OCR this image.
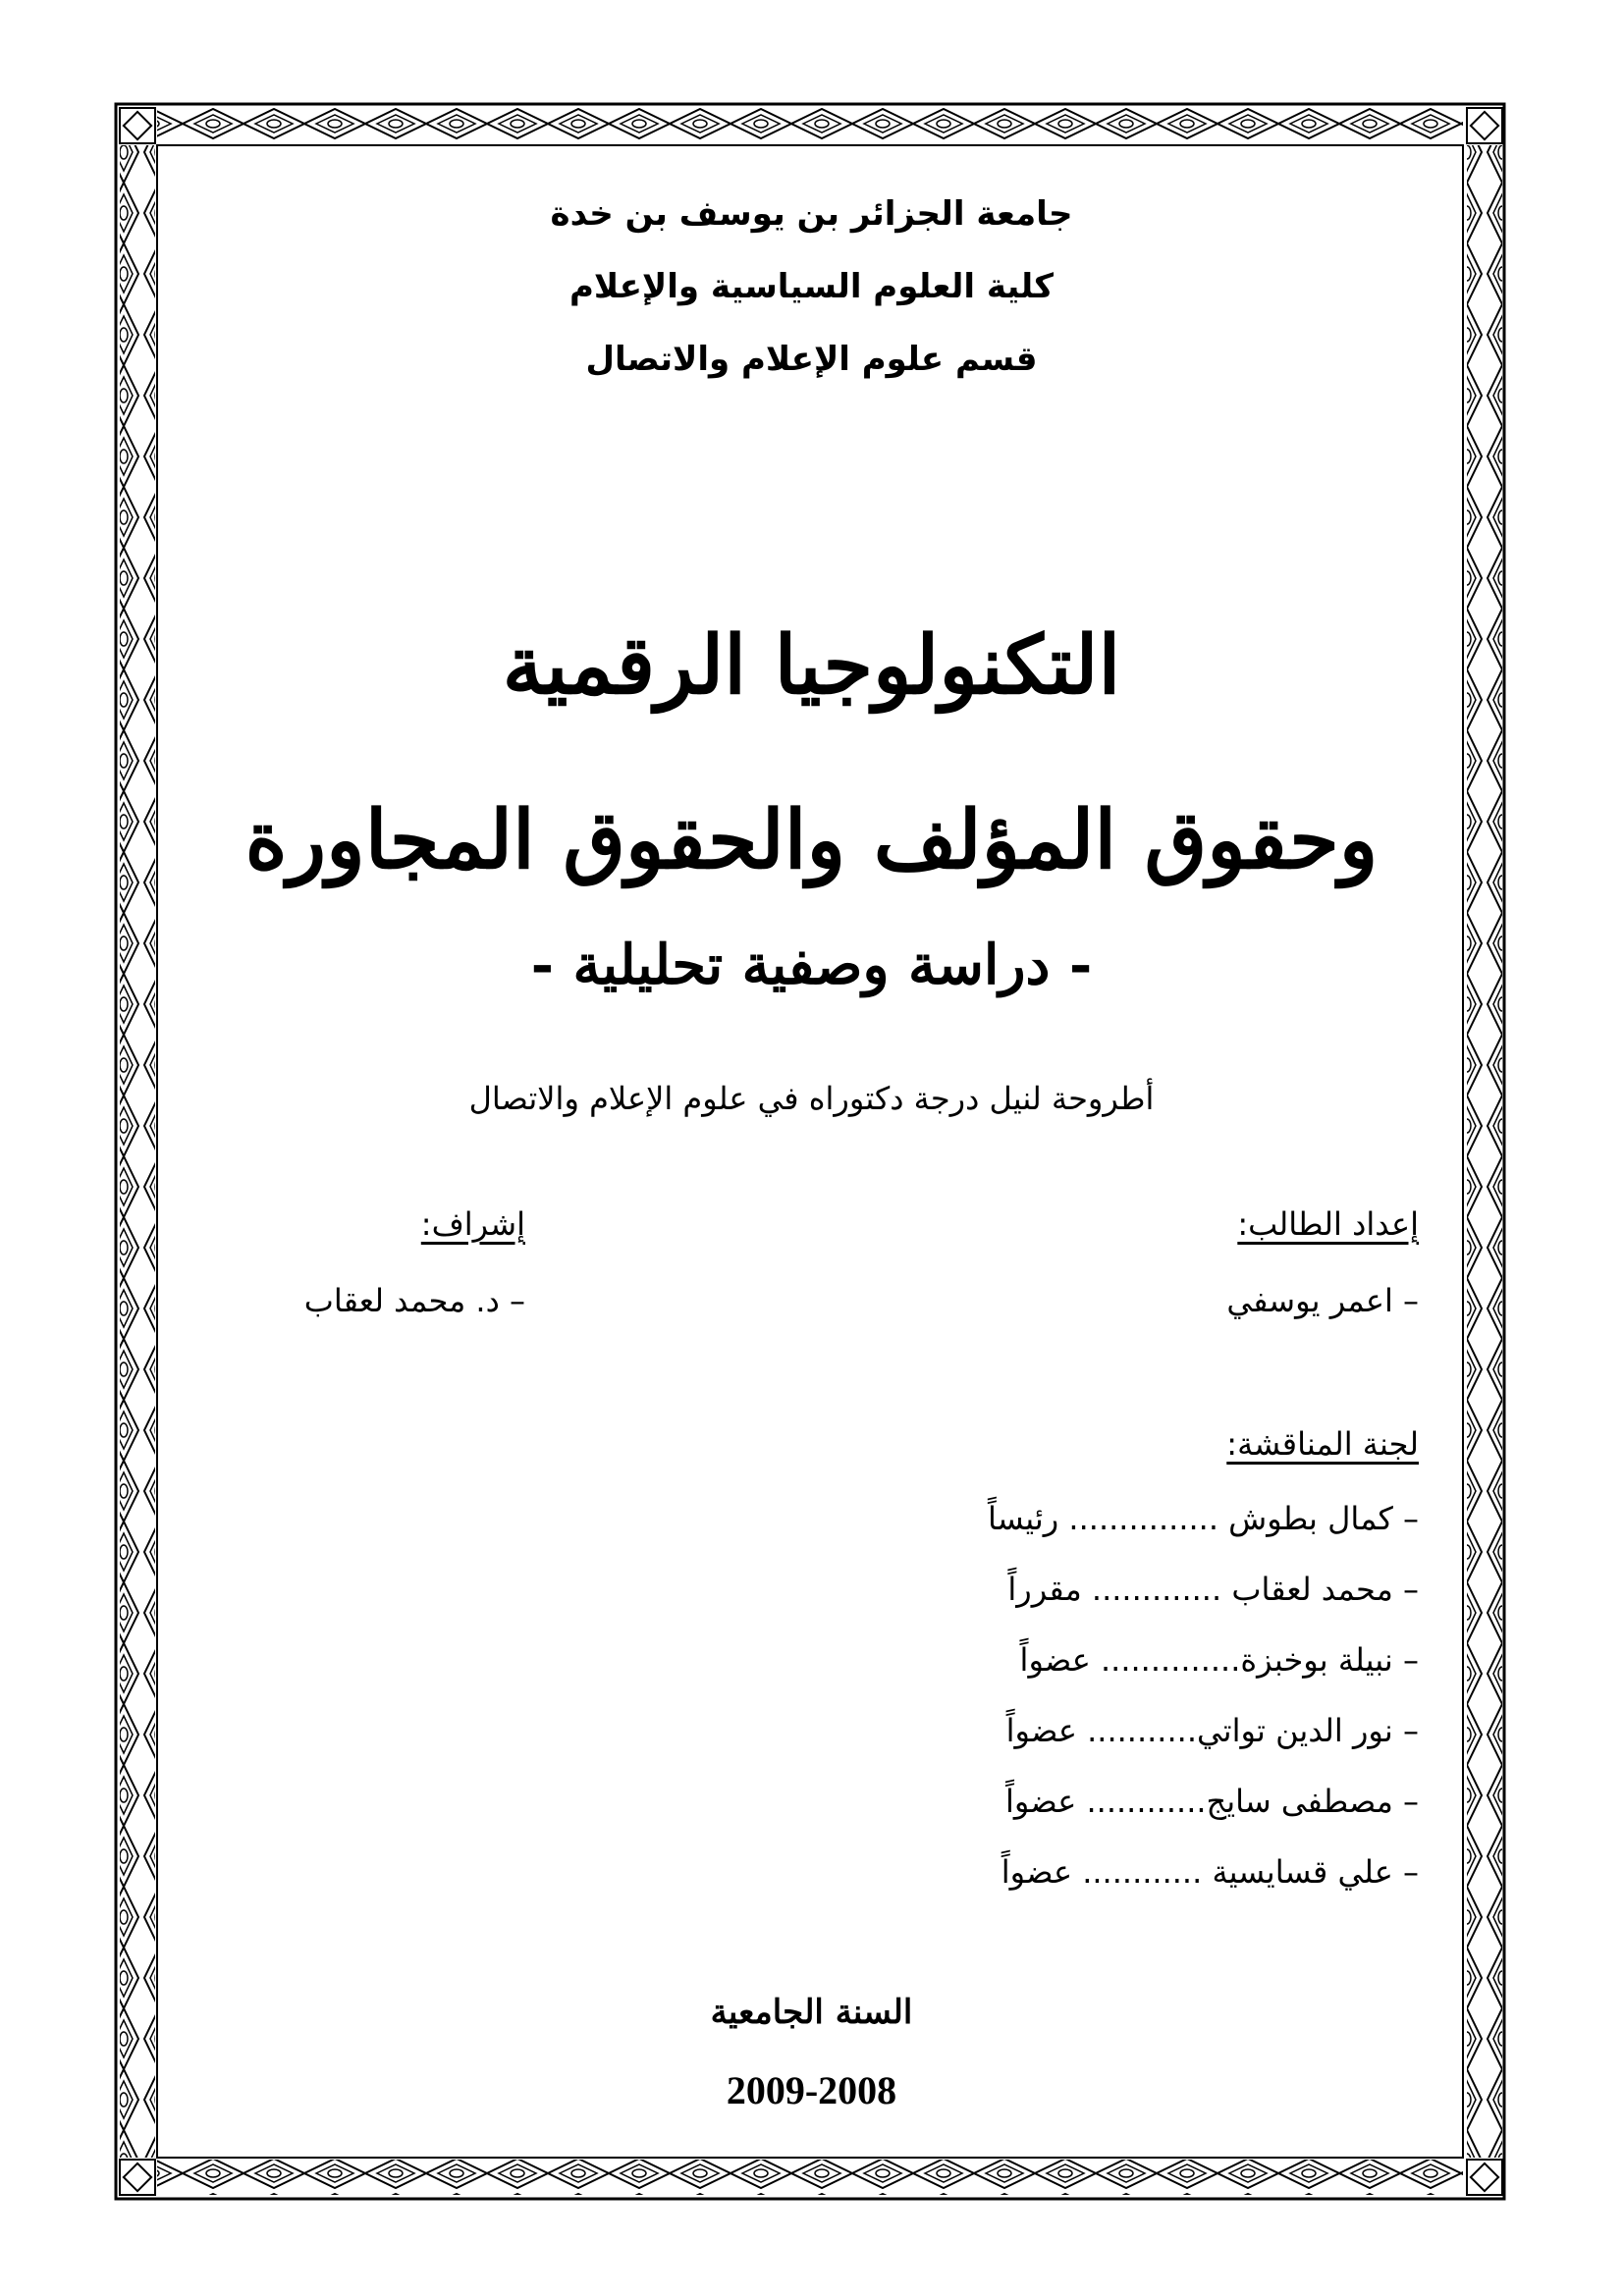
جامعة الجزائر بن يوسف بن خدة
كلية العلوم السياسية والإعلام
قسم علوم الإعلام والاتصال
التكنولوجيا الرقمية
وحقوق المؤلف والحقوق المجاورة
- دراسة وصفية تحليلية -
أطروحة لنيل درجة دكتوراه في علوم الإعلام والاتصال
إعداد الطالب:
– اعمر يوسفي
إشراف:
– د. محمد لعقاب
لجنة المناقشة:
– كمال بطوش ............... رئيساً
– محمد لعقاب ............. مقرراً
– نبيلة بوخبزة.............. عضواً
– نور الدين تواتي........... عضواً
– مصطفى سايج............ عضواً
– علي قسايسية ............ عضواً
السنة الجامعية
2009-2008
